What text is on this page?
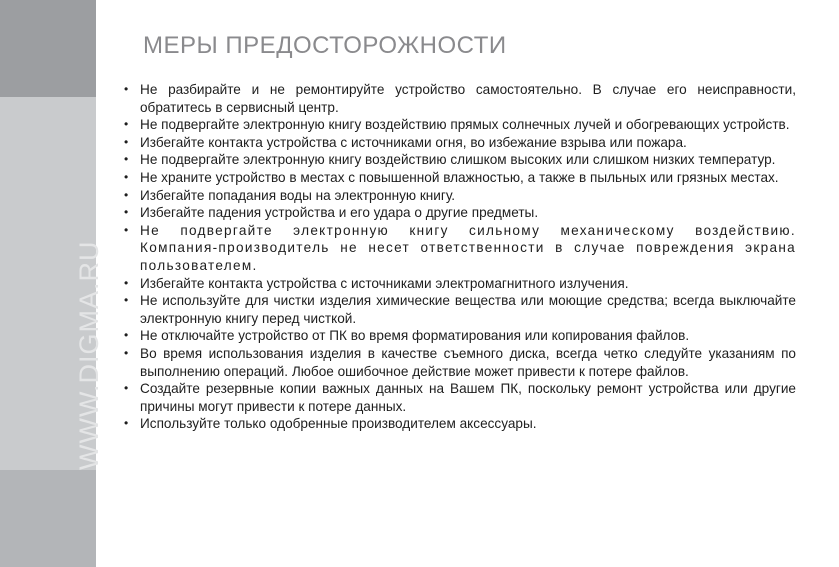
WWW.DIGMA.RU
МЕРЫ ПРЕДОСТОРОЖНОСТИ
• Не разбирайте и не ремонтируйте устройство самостоятельно. В случае его неисправности, обратитесь в сервисный центр.
• Не подвергайте электронную книгу воздействию прямых солнечных лучей и обогревающих устройств.
• Избегайте контакта устройства с источниками огня, во избежание взрыва или пожара.
• Не подвергайте электронную книгу воздействию слишком высоких или слишком низких температур.
• Не храните устройство в местах с повышенной влажностью, а также в пыльных или грязных местах.
• Избегайте попадания воды на электронную книгу.
• Избегайте падения устройства и его удара о другие предметы.
• Не подвергайте электронную книгу сильному механическому воздействию. Компания-производитель не несет ответственности в случае повреждения экрана пользователем.
• Избегайте контакта устройства с источниками электромагнитного излучения.
• Не используйте для чистки изделия химические вещества или моющие средства; всегда выключайте электронную книгу перед чисткой.
• Не отключайте устройство от ПК во время форматирования или копирования файлов.
• Во время использования изделия в качестве съемного диска, всегда четко следуйте указаниям по выполнению операций. Любое ошибочное действие может привести к потере файлов.
• Создайте резервные копии важных данных на Вашем ПК, поскольку ремонт устройства или другие причины могут привести к потере данных.
• Используйте только одобренные производителем аксессуары.
